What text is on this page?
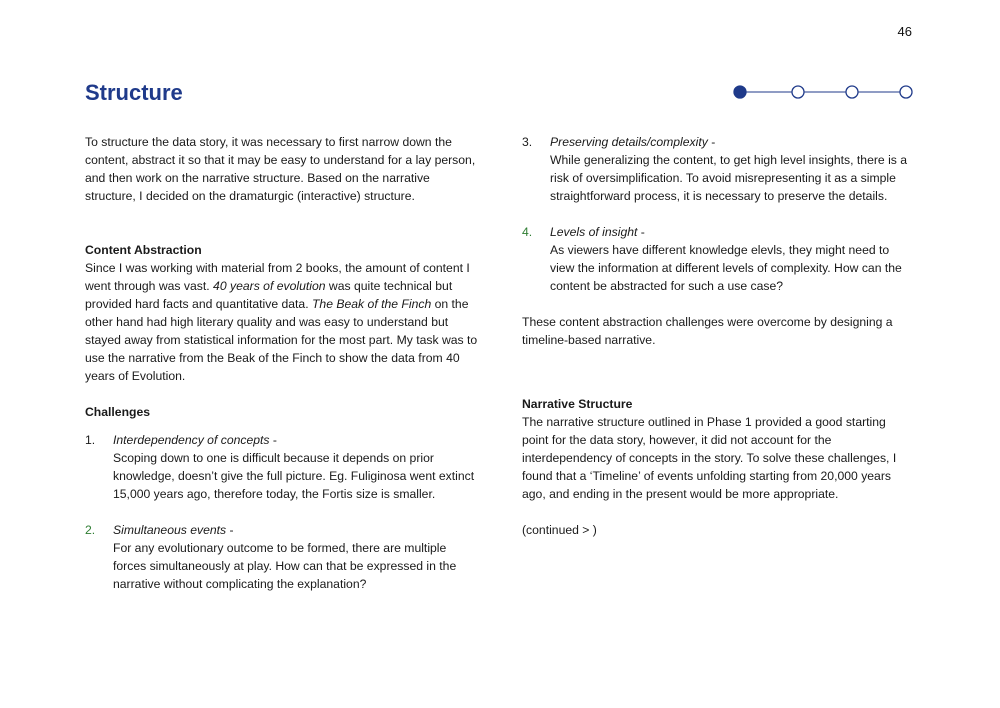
46
Structure

To structure the data story, it was necessary to first narrow down the content, abstract it so that it may be easy to understand for a lay person, and then work on the narrative structure. Based on the narrative structure, I decided on the dramaturgic (interactive) structure.

Content Abstraction

Since I was working with material from 2 books, the amount of content I went through was vast. 40 years of evolution was quite technical but provided hard facts and quantitative data. The Beak of the Finch on the other hand had high literary quality and was easy to understand but stayed away from statistical information for the most part. My task was to use the narrative from the Beak of the Finch to show the data from 40 years of Evolution.

Challenges

1. Interdependency of concepts -

Scoping down to one is difficult because it depends on prior knowledge, doesn’t give the full picture. Eg. Fuliginosa went extinct 15,000 years ago, therefore today, the Fortis size is smaller.

2. Simultaneous events -

For any evolutionary outcome to be formed, there are multiple forces simultaneously at play. How can that be expressed in the narrative without complicating the explanation?

3. Preserving details/complexity -

While generalizing the content, to get high level insights, there is a risk of oversimplification. To avoid misrepresenting it as a simple straightforward process, it is necessary to preserve the details.

4. Levels of insight -

As viewers have different knowledge elevls, they might need to view the information at different levels of complexity. How can the content be abstracted for such a use case?

These content abstraction challenges were overcome by designing a timeline-based narrative.

Narrative Structure

The narrative structure outlined in Phase 1 provided a good starting point for the data story, however, it did not account for the interdependency of concepts in the story. To solve these challenges, I found that a ‘Timeline’ of events unfolding starting from 20,000 years ago, and ending in the present would be more appropriate.

(continued > )
